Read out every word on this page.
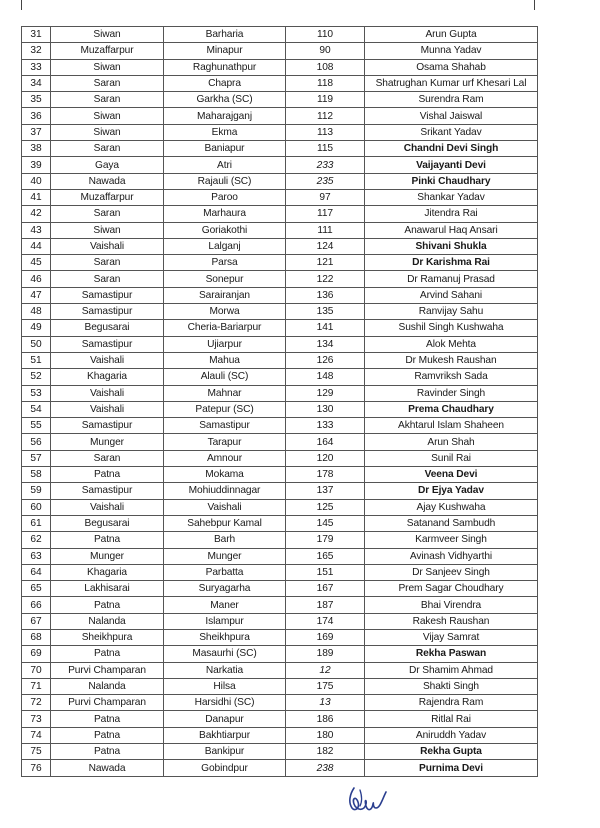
31	Siwan	Barharia	110	Arun Gupta
32	Muzaffarpur	Minapur	90	Munna Yadav
33	Siwan	Raghunathpur	108	Osama Shahab
34	Saran	Chapra	118	Shatrughan Kumar urf Khesari Lal
35	Saran	Garkha (SC)	119	Surendra Ram
36	Siwan	Maharajganj	112	Vishal Jaiswal
37	Siwan	Ekma	113	Srikant Yadav
38	Saran	Baniapur	115	Chandni Devi Singh
39	Gaya	Atri	233	Vaijayanti Devi
40	Nawada	Rajauli (SC)	235	Pinki Chaudhary
41	Muzaffarpur	Paroo	97	Shankar Yadav
42	Saran	Marhaura	117	Jitendra Rai
43	Siwan	Goriakothi	111	Anawarul Haq Ansari
44	Vaishali	Lalganj	124	Shivani Shukla
45	Saran	Parsa	121	Dr Karishma Rai
46	Saran	Sonepur	122	Dr Ramanuj Prasad
47	Samastipur	Sarairanjan	136	Arvind Sahani
48	Samastipur	Morwa	135	Ranvijay Sahu
49	Begusarai	Cheria-Bariarpur	141	Sushil Singh Kushwaha
50	Samastipur	Ujiarpur	134	Alok Mehta
51	Vaishali	Mahua	126	Dr Mukesh Raushan
52	Khagaria	Alauli (SC)	148	Ramvriksh Sada
53	Vaishali	Mahnar	129	Ravinder Singh
54	Vaishali	Patepur (SC)	130	Prema Chaudhary
55	Samastipur	Samastipur	133	Akhtarul Islam Shaheen
56	Munger	Tarapur	164	Arun Shah
57	Saran	Amnour	120	Sunil Rai
58	Patna	Mokama	178	Veena Devi
59	Samastipur	Mohiuddinnagar	137	Dr Ejya Yadav
60	Vaishali	Vaishali	125	Ajay Kushwaha
61	Begusarai	Sahebpur Kamal	145	Satanand Sambudh
62	Patna	Barh	179	Karmveer Singh
63	Munger	Munger	165	Avinash Vidhyarthi
64	Khagaria	Parbatta	151	Dr Sanjeev Singh
65	Lakhisarai	Suryagarha	167	Prem Sagar Choudhary
66	Patna	Maner	187	Bhai Virendra
67	Nalanda	Islampur	174	Rakesh Raushan
68	Sheikhpura	Sheikhpura	169	Vijay Samrat
69	Patna	Masaurhi (SC)	189	Rekha Paswan
70	Purvi Champaran	Narkatia	12	Dr Shamim Ahmad
71	Nalanda	Hilsa	175	Shakti Singh
72	Purvi Champaran	Harsidhi (SC)	13	Rajendra Ram
73	Patna	Danapur	186	Ritlal Rai
74	Patna	Bakhtiarpur	180	Aniruddh Yadav
75	Patna	Bankipur	182	Rekha Gupta
76	Nawada	Gobindpur	238	Purnima Devi
